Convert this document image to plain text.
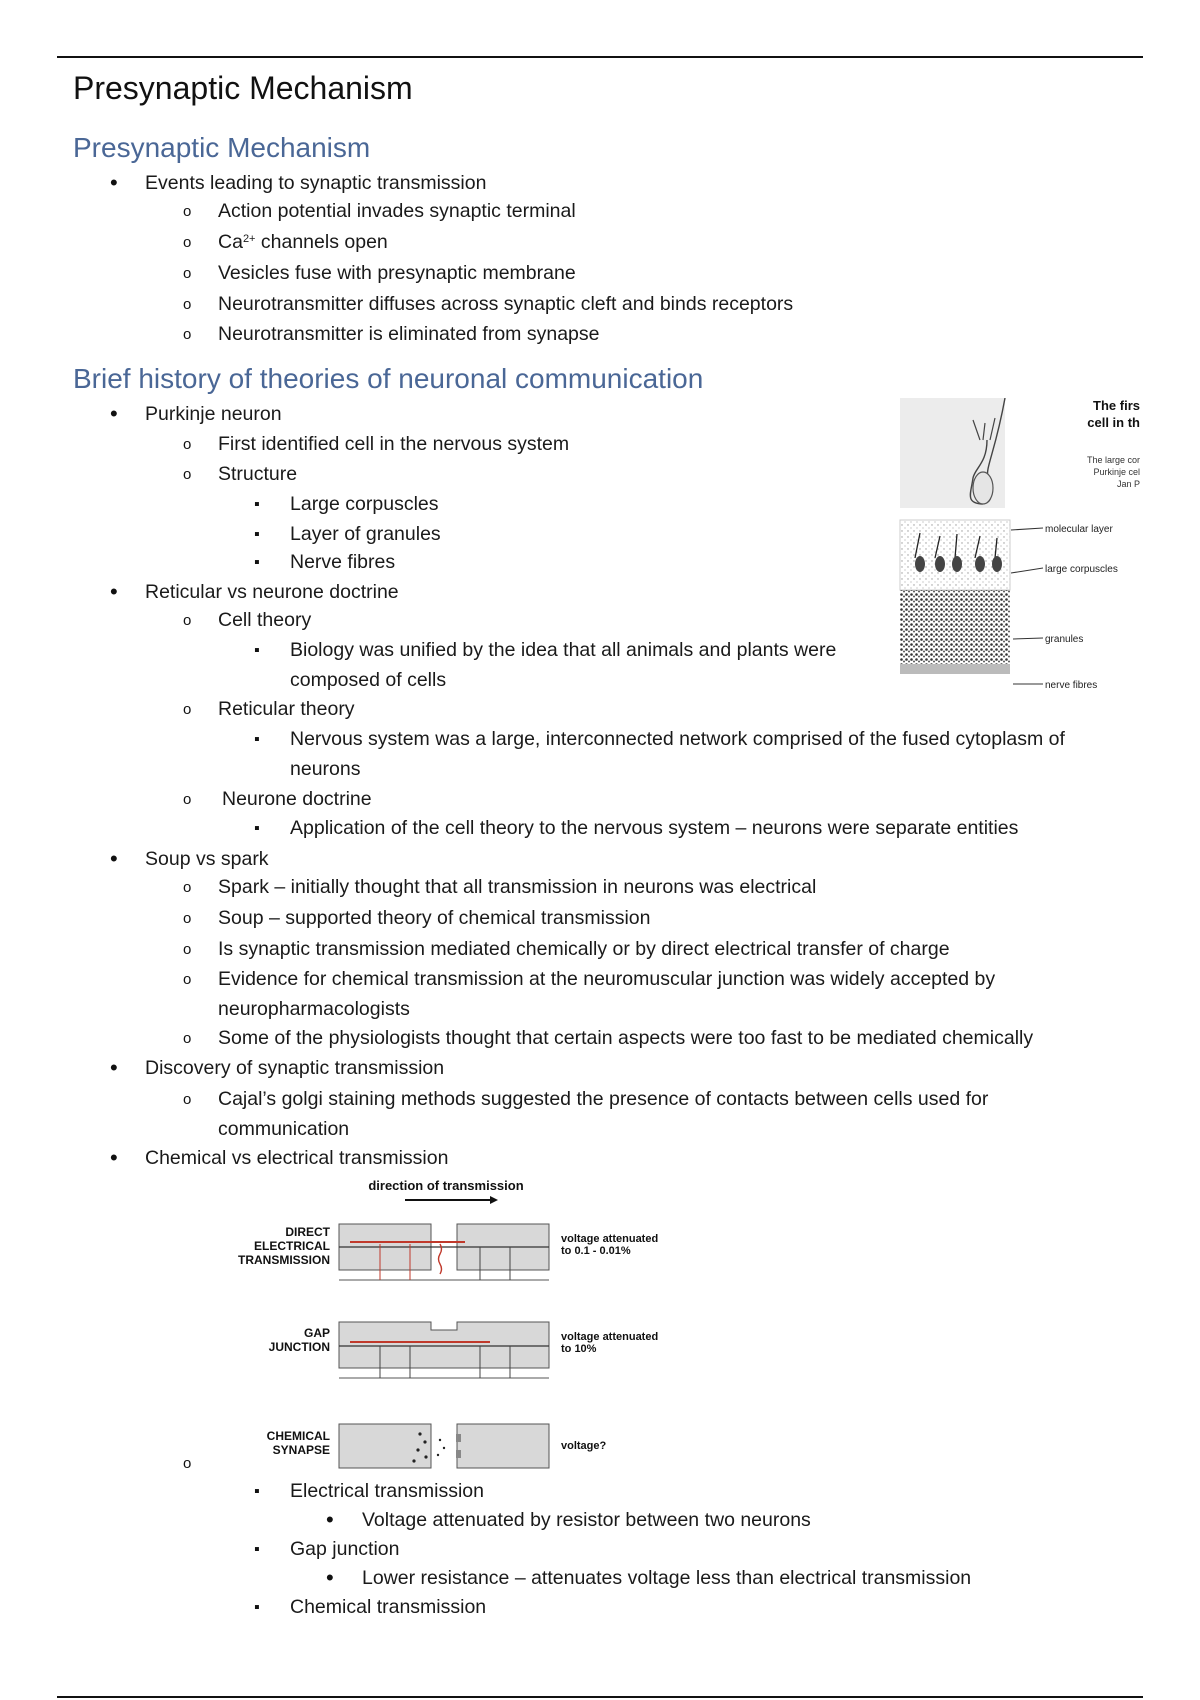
Presynaptic Mechanism
Presynaptic Mechanism
•
Events leading to synaptic transmission
o
Action potential invades synaptic terminal
o
$Ca^{2+}$ channels open
o
Vesicles fuse with presynaptic membrane
o
Neurotransmitter diffuses across synaptic cleft and binds receptors
o
Neurotransmitter is eliminated from synapse
Brief history of theories of neuronal communication
•
Purkinje neuron
o
First identified cell in the nervous system
o
Structure
▪
Large corpuscles
▪
Layer of granules
▪
Nerve fibres
•
Reticular vs neurone doctrine
o
Cell theory
▪
Biology was unified by the idea that all animals and plants were
composed of cells
o
Reticular theory
▪
Nervous system was a large, interconnected network comprised of the fused cytoplasm of
neurons
o
Neurone doctrine
▪
Application of the cell theory to the nervous system – neurons were separate entities
•
Soup vs spark
o
Spark – initially thought that all transmission in neurons was electrical
o
Soup – supported theory of chemical transmission
o
Is synaptic transmission mediated chemically or by direct electrical transfer of charge
o
Evidence for chemical transmission at the neuromuscular junction was widely accepted by
neuropharmacologists
o
Some of the physiologists thought that certain aspects were too fast to be mediated chemically
•
Discovery of synaptic transmission
o
Cajal’s golgi staining methods suggested the presence of contacts between cells used for
communication
•
Chemical vs electrical transmission
o
▪
Electrical transmission
•
Voltage attenuated by resistor between two neurons
▪
Gap junction
•
Lower resistance – attenuates voltage less than electrical transmission
▪
Chemical transmission
The firs
cell in th
The large cor
Purkinje cel
Jan P
molecular layer
large corpuscles
granules
nerve fibres
direction of transmission
DIRECT
ELECTRICAL
TRANSMISSION
voltage attenuated
to 0.1 - 0.01%
GAP
JUNCTION
voltage attenuated
to 10%
CHEMICAL
SYNAPSE	voltage?
